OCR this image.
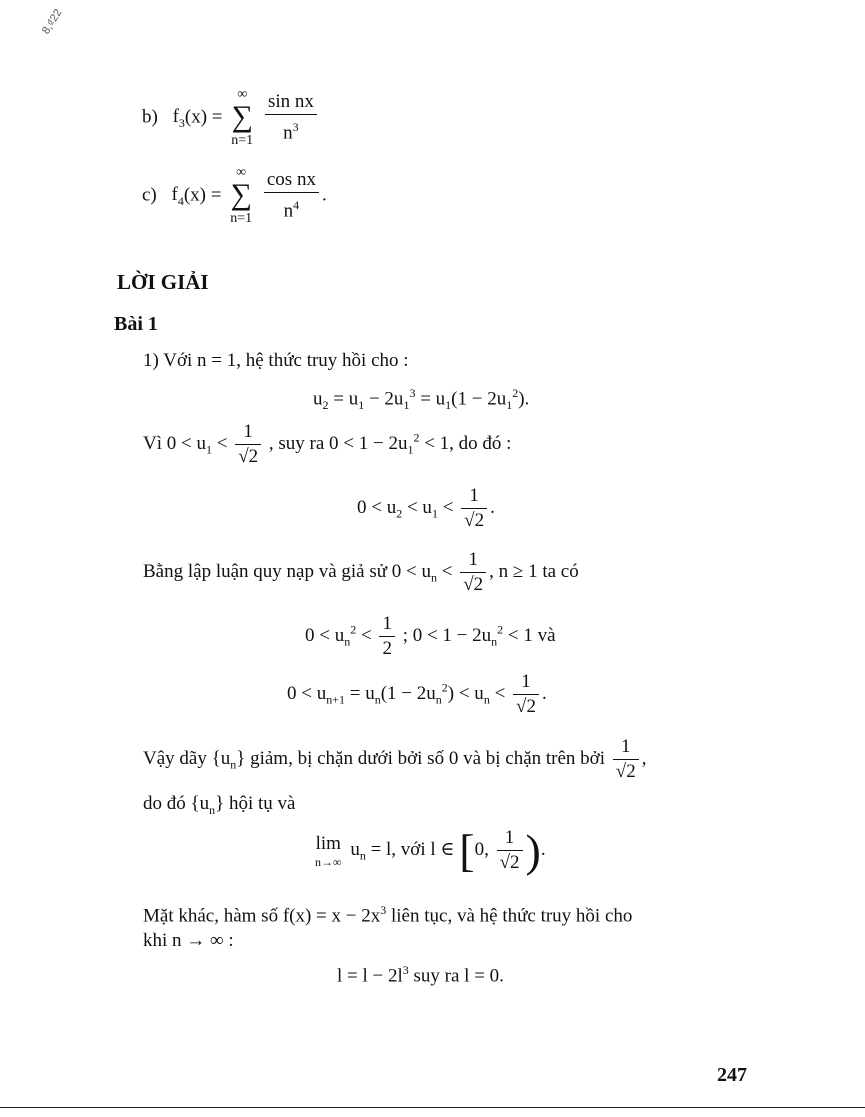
8,₫22
b) $f_3(x)$ =
∞
∑
n=1
$\frac{\text{sin nx}}{n^3}$
c) $f_4(x)$ =
∞
∑
n=1
$\frac{\text{cos nx}}{n^4}$ .
LỜI GIẢI
Bài 1
1) Với n = 1, hệ thức truy hồi cho :
$u_2 = u_1 - 2u_1^3 = u_1(1 - 2u_1^2)$.
Vì $0 < u_1 < \frac{1}{√2}$ , suy ra $0 < 1 - 2u_1^2 < 1$, do đó :
$0 < u_2 < u_1 < \frac{1}{√2}$ .
Bằng lập luận quy nạp và giả sử $0 < u_n < \frac{1}{√2}$ , n ≥ 1 ta có
$0 < u_n^2 < \frac{1}{2}$ ; $0 < 1 - 2u_n^2 < 1$ và
$0 < u_{n+1} = u_n(1 - 2u_n^2) < u_n < \frac{1}{√2}$ .
Vậy dãy $\{u_n\}$ giảm, bị chặn dưới bởi số 0 và bị chặn trên bởi $\frac{1}{√2}$ ,
do đó $\{u_n\}$ hội tụ và
lim
n→∞
$u_n = l$, với l ∈ [0, $\frac{1}{√2}$ ).
Mặt khác, hàm số $f(x) = x - 2x^3$ liên tục, và hệ thức truy hồi cho
khi n → ∞ :
$l = l - 2l^3$ suy ra l = 0.
247
